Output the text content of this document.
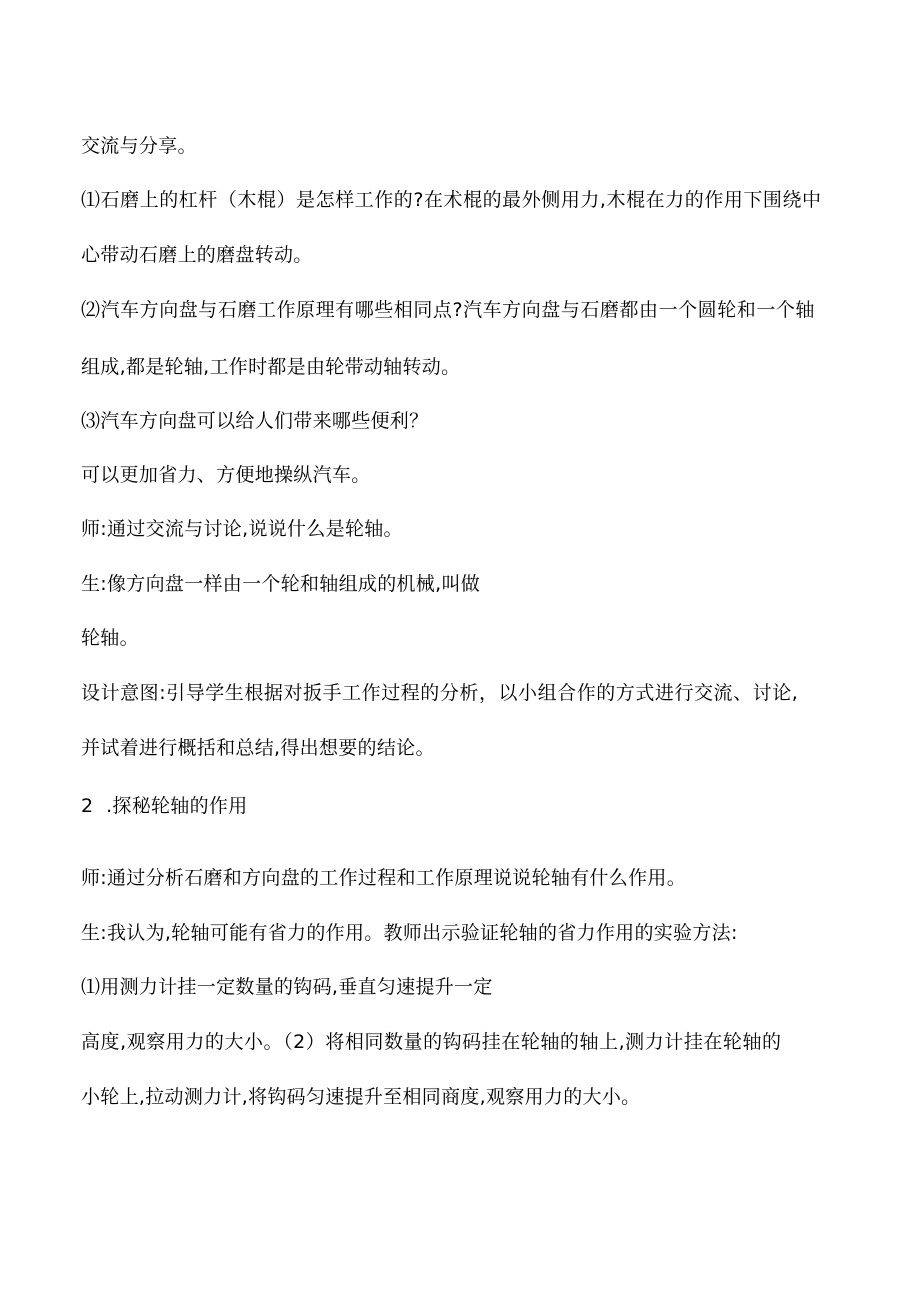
交流与分享。
⑴石磨上的杠杆（木棍）是怎样工作的?在术棍的最外侧用力,木棍在力的作用下围绕中
心带动石磨上的磨盘转动。
⑵汽车方向盘与石磨工作原理有哪些相同点?汽车方向盘与石磨都由一个圆轮和一个轴
组成,都是轮轴,工作时都是由轮带动轴转动。
⑶汽车方向盘可以给人们带来哪些便利？
可以更加省力、方便地操纵汽车。
师:通过交流与讨论,说说什么是轮轴。
生:像方向盘一样由一个轮和轴组成的机械,叫做
轮轴。
设计意图:引导学生根据对扳手工作过程的分析，以小组合作的方式进行交流、讨论,
并试着进行概括和总结,得出想要的结论。
2  .探秘轮轴的作用
师:通过分析石磨和方向盘的工作过程和工作原理说说轮轴有什么作用。
生:我认为,轮轴可能有省力的作用。教师出示验证轮轴的省力作用的实验方法:
⑴用测力计挂一定数量的钩码,垂直匀速提升一定
高度,观察用力的大小。（2）将相同数量的钩码挂在轮轴的轴上,测力计挂在轮轴的
小轮上,拉动测力计,将钩码匀速提升至相同商度,观察用力的大小。
